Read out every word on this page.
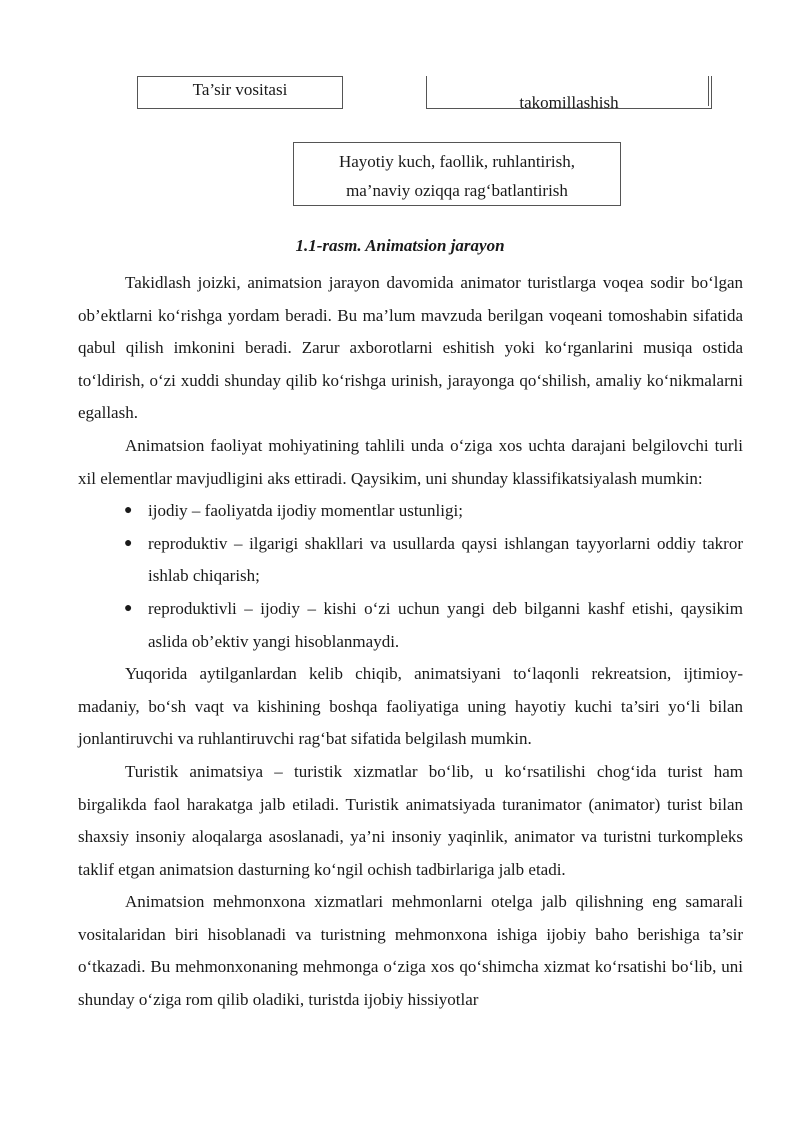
Ta’sir vositasi
takomillashish
Hayotiy kuch, faollik, ruhlantirish,
ma’naviy oziqqa rag‘batlantirish
1.1-rasm. Animatsion jarayon

Takidlash joizki, animatsion jarayon davomida animator turistlarga voqea sodir bo‘lgan ob’ektlarni ko‘rishga yordam beradi. Bu ma’lum mavzuda berilgan voqeani tomoshabin sifatida qabul qilish imkonini beradi. Zarur axborotlarni eshitish yoki ko‘rganlarini musiqa ostida to‘ldirish, o‘zi xuddi shunday qilib ko‘rishga urinish, jarayonga qo‘shilish, amaliy ko‘nikmalarni egallash.

Animatsion faoliyat mohiyatining tahlili unda o‘ziga xos uchta darajani belgilovchi turli xil elementlar mavjudligini aks ettiradi. Qaysikim, uni shunday klassifikatsiyalash mumkin:

● ijodiy – faoliyatda ijodiy momentlar ustunligi;
● reproduktiv – ilgarigi shakllari va usullarda qaysi ishlangan tayyorlarni oddiy takror ishlab chiqarish;
● reproduktivli – ijodiy – kishi o‘zi uchun yangi deb bilganni kashf etishi, qaysikim aslida ob’ektiv yangi hisoblanmaydi.

Yuqorida aytilganlardan kelib chiqib, animatsiyani to‘laqonli rekreatsion, ijtimioy-madaniy, bo‘sh vaqt va kishining boshqa faoliyatiga uning hayotiy kuchi ta’siri yo‘li bilan jonlantiruvchi va ruhlantiruvchi rag‘bat sifatida belgilash mumkin.

Turistik animatsiya – turistik xizmatlar bo‘lib, u ko‘rsatilishi chog‘ida turist ham birgalikda faol harakatga jalb etiladi. Turistik animatsiyada turanimator (animator) turist bilan shaxsiy insoniy aloqalarga asoslanadi, ya’ni insoniy yaqinlik, animator va turistni turkompleks taklif etgan animatsion dasturning ko‘ngil ochish tadbirlariga jalb etadi.

Animatsion mehmonxona xizmatlari mehmonlarni otelga jalb qilishning eng samarali vositalaridan biri hisoblanadi va turistning mehmonxona ishiga ijobiy baho berishiga ta’sir o‘tkazadi. Bu mehmonxonaning mehmonga o‘ziga xos qo‘shimcha xizmat ko‘rsatishi bo‘lib, uni shunday o‘ziga rom qilib oladiki, turistda ijobiy hissiyotlar
